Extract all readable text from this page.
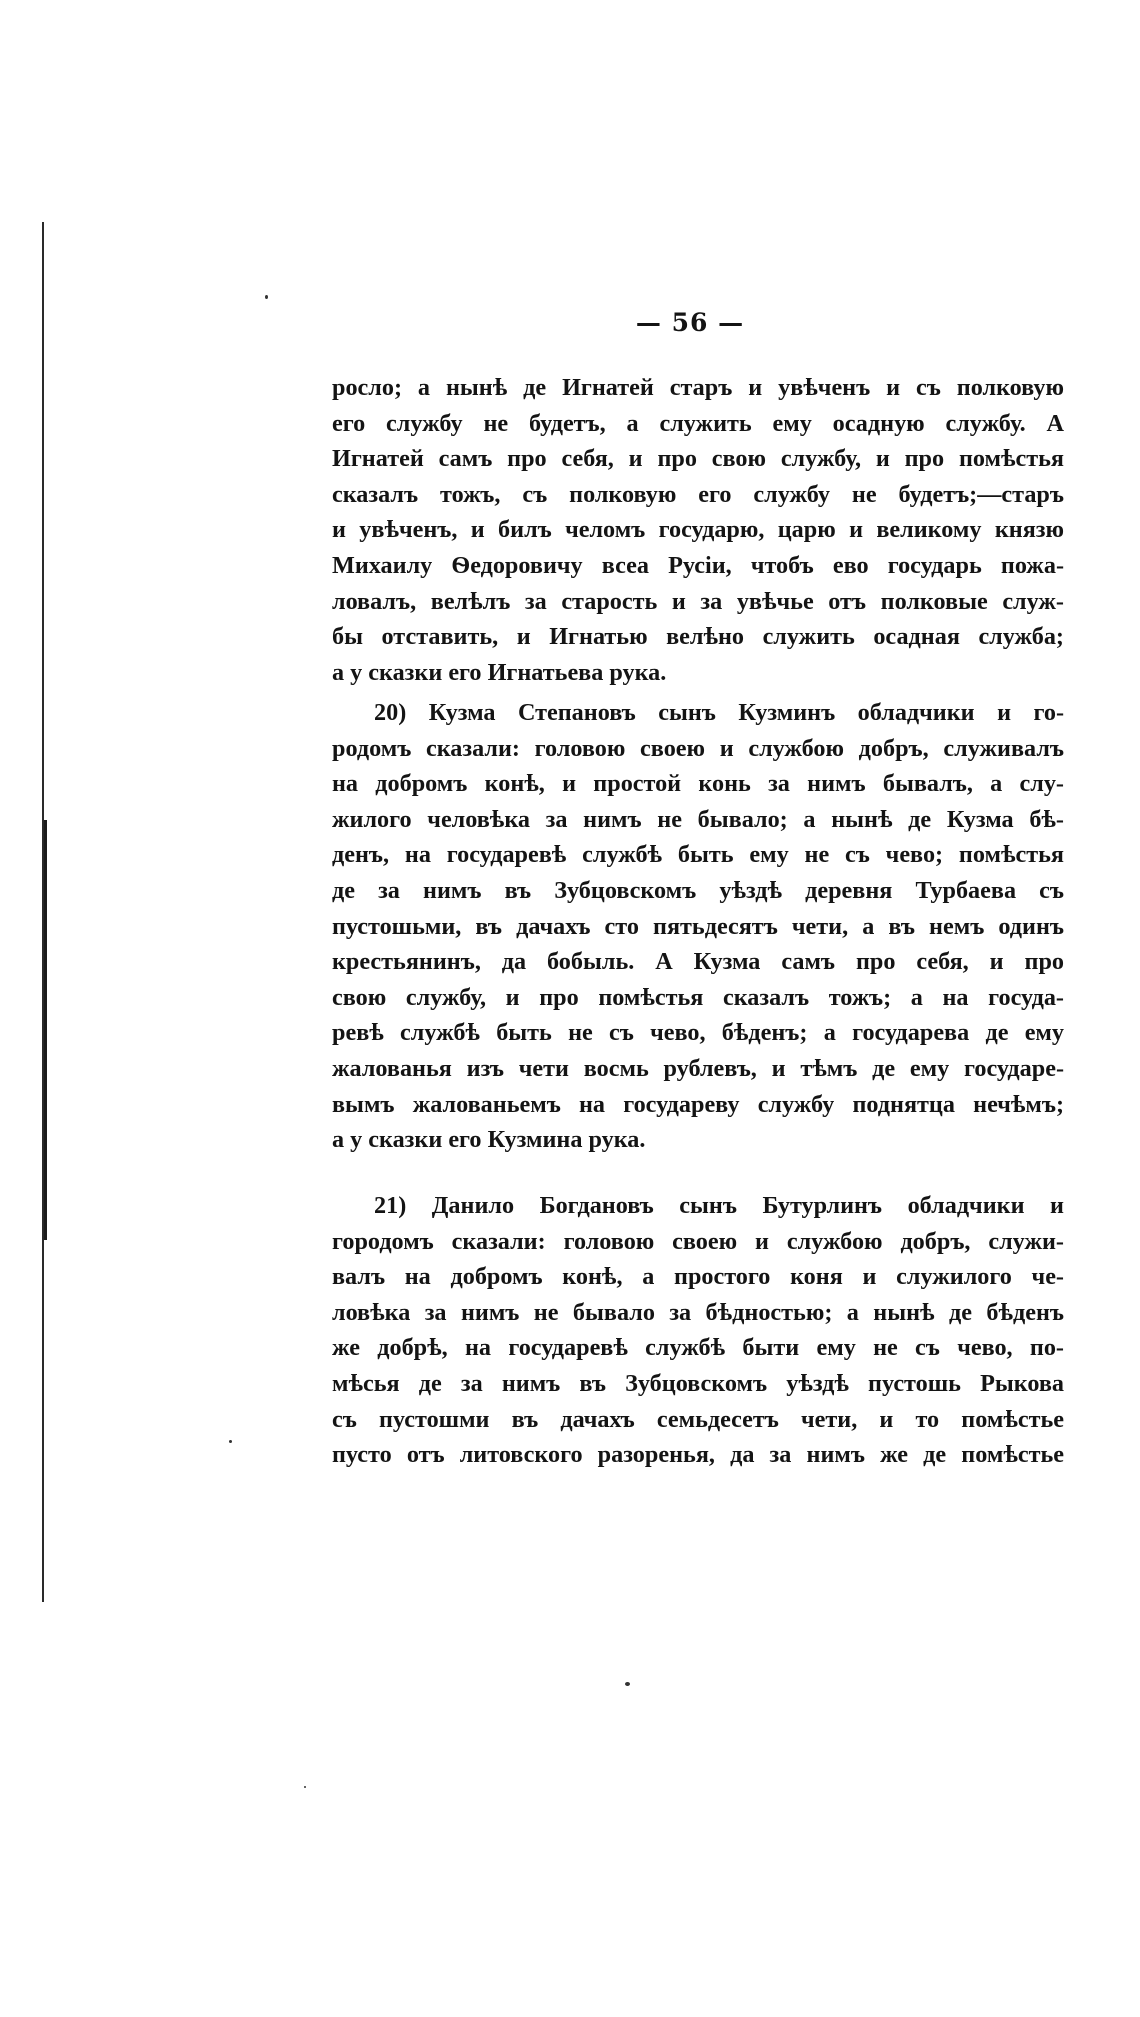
— 56 —
росло; а нынѣ де Игнатей старъ и увѣченъ и съ полковую
его службу не будетъ, а служить ему осадную службу. А
Игнатей самъ про себя, и про свою службу, и про помѣстья
сказалъ тожъ, съ полковую его службу не будетъ;—старъ
и увѣченъ, и билъ челомъ государю, царю и великому князю
Михаилу Ѳедоровичу всеа Русіи, чтобъ ево государь пожа-
ловалъ, велѣлъ за старость и за увѣчье отъ полковые служ-
бы отставить, и Игнатью велѣно служить осадная служба;
а у сказки его Игнатьева рука.
20) Кузма Степановъ сынъ Кузминъ обладчики и го-
родомъ сказали: головою своею и службою добръ, служивалъ
на добромъ конѣ, и простой конь за нимъ бывалъ, а слу-
жилого человѣка за нимъ не бывало; а нынѣ де Кузма бѣ-
денъ, на государевѣ службѣ быть ему не съ чево; помѣстья
де за нимъ въ Зубцовскомъ уѣздѣ деревня Турбаева съ
пустошьми, въ дачахъ сто пятьдесятъ чети, а въ немъ одинъ
крестьянинъ, да бобыль. А Кузма самъ про себя, и про
свою службу, и про помѣстья сказалъ тожъ; а на госуда-
ревѣ службѣ быть не съ чево, бѣденъ; а государева де ему
жалованья изъ чети восмь рублевъ, и тѣмъ де ему государе-
вымъ жалованьемъ на государеву службу поднятца нечѣмъ;
а у сказки его Кузмина рука.
21) Данило Богдановъ сынъ Бутурлинъ обладчики и
городомъ сказали: головою своею и службою добръ, служи-
валъ на добромъ конѣ, а простого коня и служилого че-
ловѣка за нимъ не бывало за бѣдностью; а нынѣ де бѣденъ
же добрѣ, на государевѣ службѣ быти ему не съ чево, по-
мѣсья де за нимъ въ Зубцовскомъ уѣздѣ пустошь Рыкова
съ пустошми въ дачахъ семьдесетъ чети, и то помѣстье
пусто отъ литовского разоренья, да за нимъ же де помѣстье
